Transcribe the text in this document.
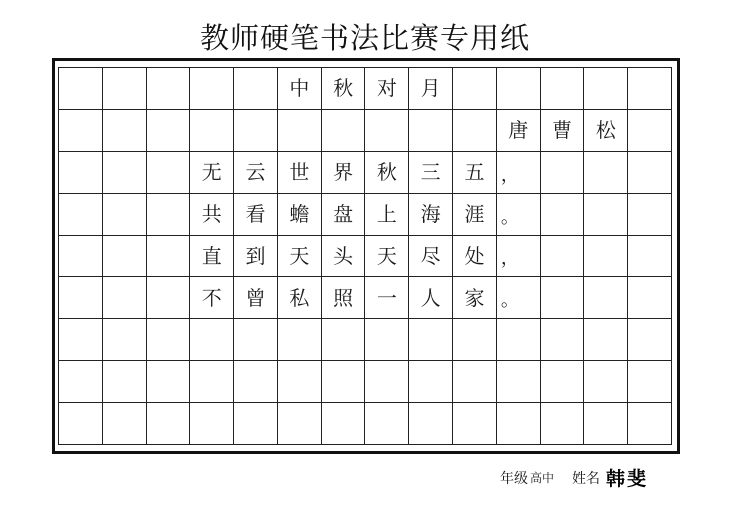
教师硬笔书法比赛专用纸
中	秋	对	月
唐	曹	松
无	云	世	界	秋	三	五 ，
共	看	蟾	盘	上	海	涯 。
直	到	天	头	天	尽	处 ，
不	曾	私	照	一	人	家 。
年级 高中 姓名 韩斐
